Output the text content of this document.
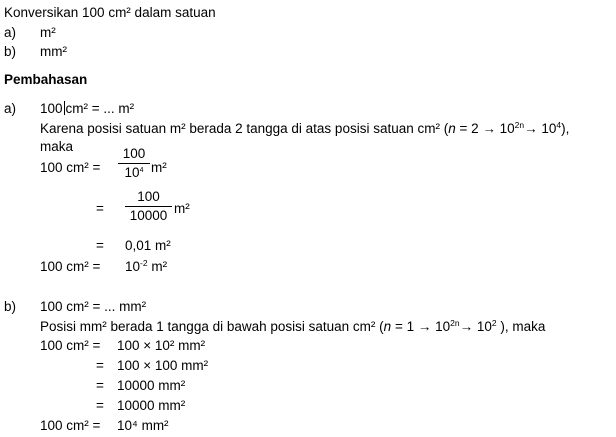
Konversikan 100 cm² dalam satuan
a) m²
b) mm²
Pembahasan
a) 100 cm² = ... m²
Karena posisi satuan m² berada 2 tangga di atas posisi satuan cm² $(n = 2 \to 10^{2n}\to 10^4)$,
maka
100 cm² =
100
$10^4$ m²
=
100
10000 m²
= 0,01 m²
100 $cm^2 = 10^{-2}$ m²
b) 100 cm² = ... mm²
Posisi mm² berada 1 tangga di bawah posisi satuan cm² ($n = 1 \to 10^{2n}\to 10^2$ ), maka
100 cm² = 100 × 10² mm²
= 100 × 100 mm²
= 10000 mm²
= 10000 mm²
100 cm² = 10⁴ mm²
